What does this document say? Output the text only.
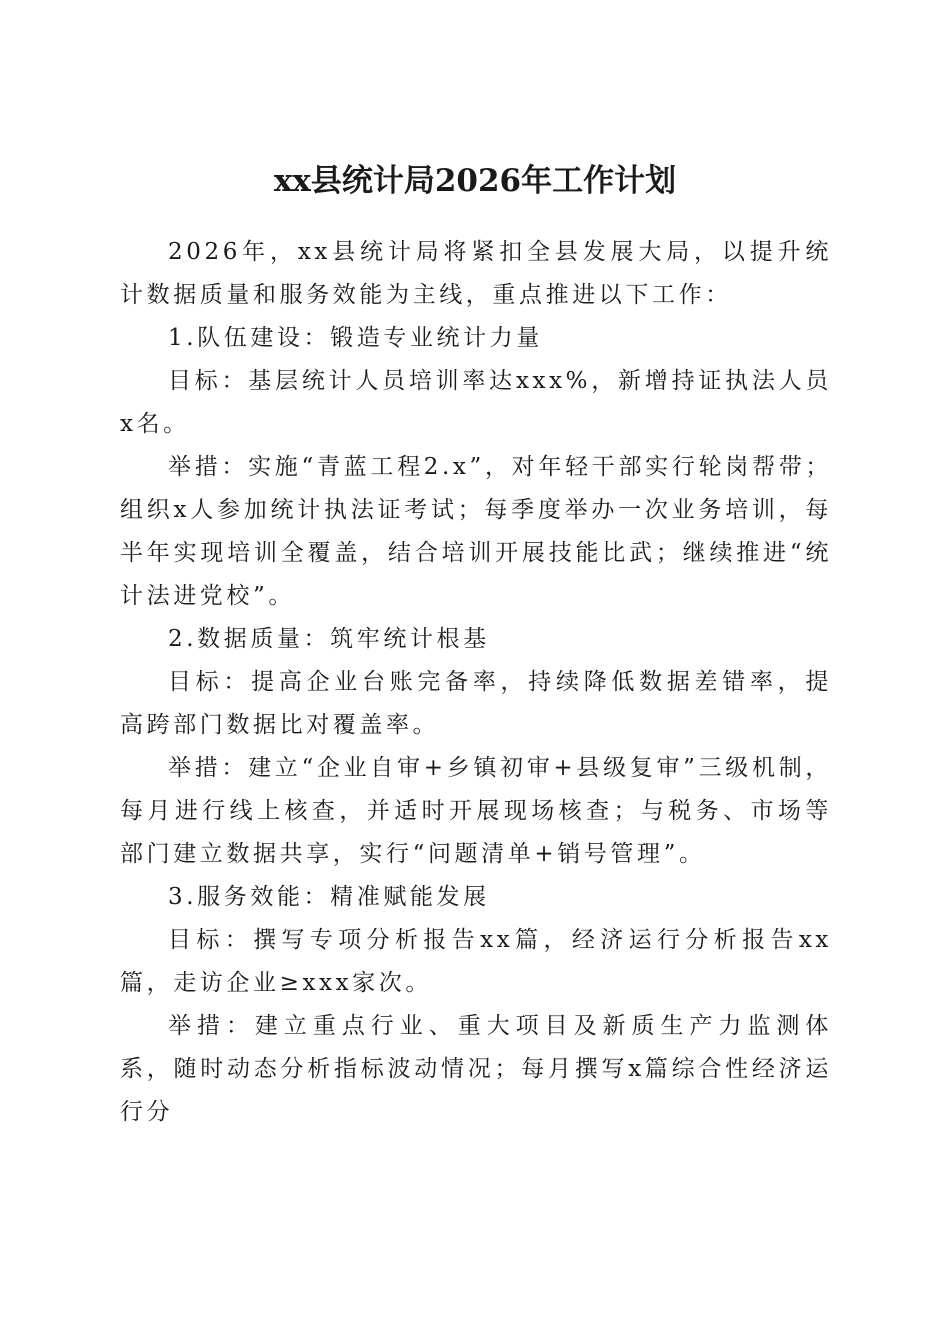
xx县统计局2026年工作计划

2026年，xx县统计局将紧扣全县发展大局，以提升统计数据质量和服务效能为主线，重点推进以下工作：

1.队伍建设：锻造专业统计力量

目标：基层统计人员培训率达xxx%，新增持证执法人员x名。

举措：实施“青蓝工程2.x”，对年轻干部实行轮岗帮带；组织x人参加统计执法证考试；每季度举办一次业务培训，每半年实现培训全覆盖，结合培训开展技能比武；继续推进“统计法进党校”。

2.数据质量：筑牢统计根基

目标：提高企业台账完备率，持续降低数据差错率，提高跨部门数据比对覆盖率。

举措：建立“企业自审+乡镇初审+县级复审”三级机制，每月进行线上核查，并适时开展现场核查；与税务、市场等部门建立数据共享，实行“问题清单+销号管理”。

3.服务效能：精准赋能发展

目标：撰写专项分析报告xx篇，经济运行分析报告xx篇，走访企业≥xxx家次。

举措：建立重点行业、重大项目及新质生产力监测体系，随时动态分析指标波动情况；每月撰写x篇综合性经济运行分
